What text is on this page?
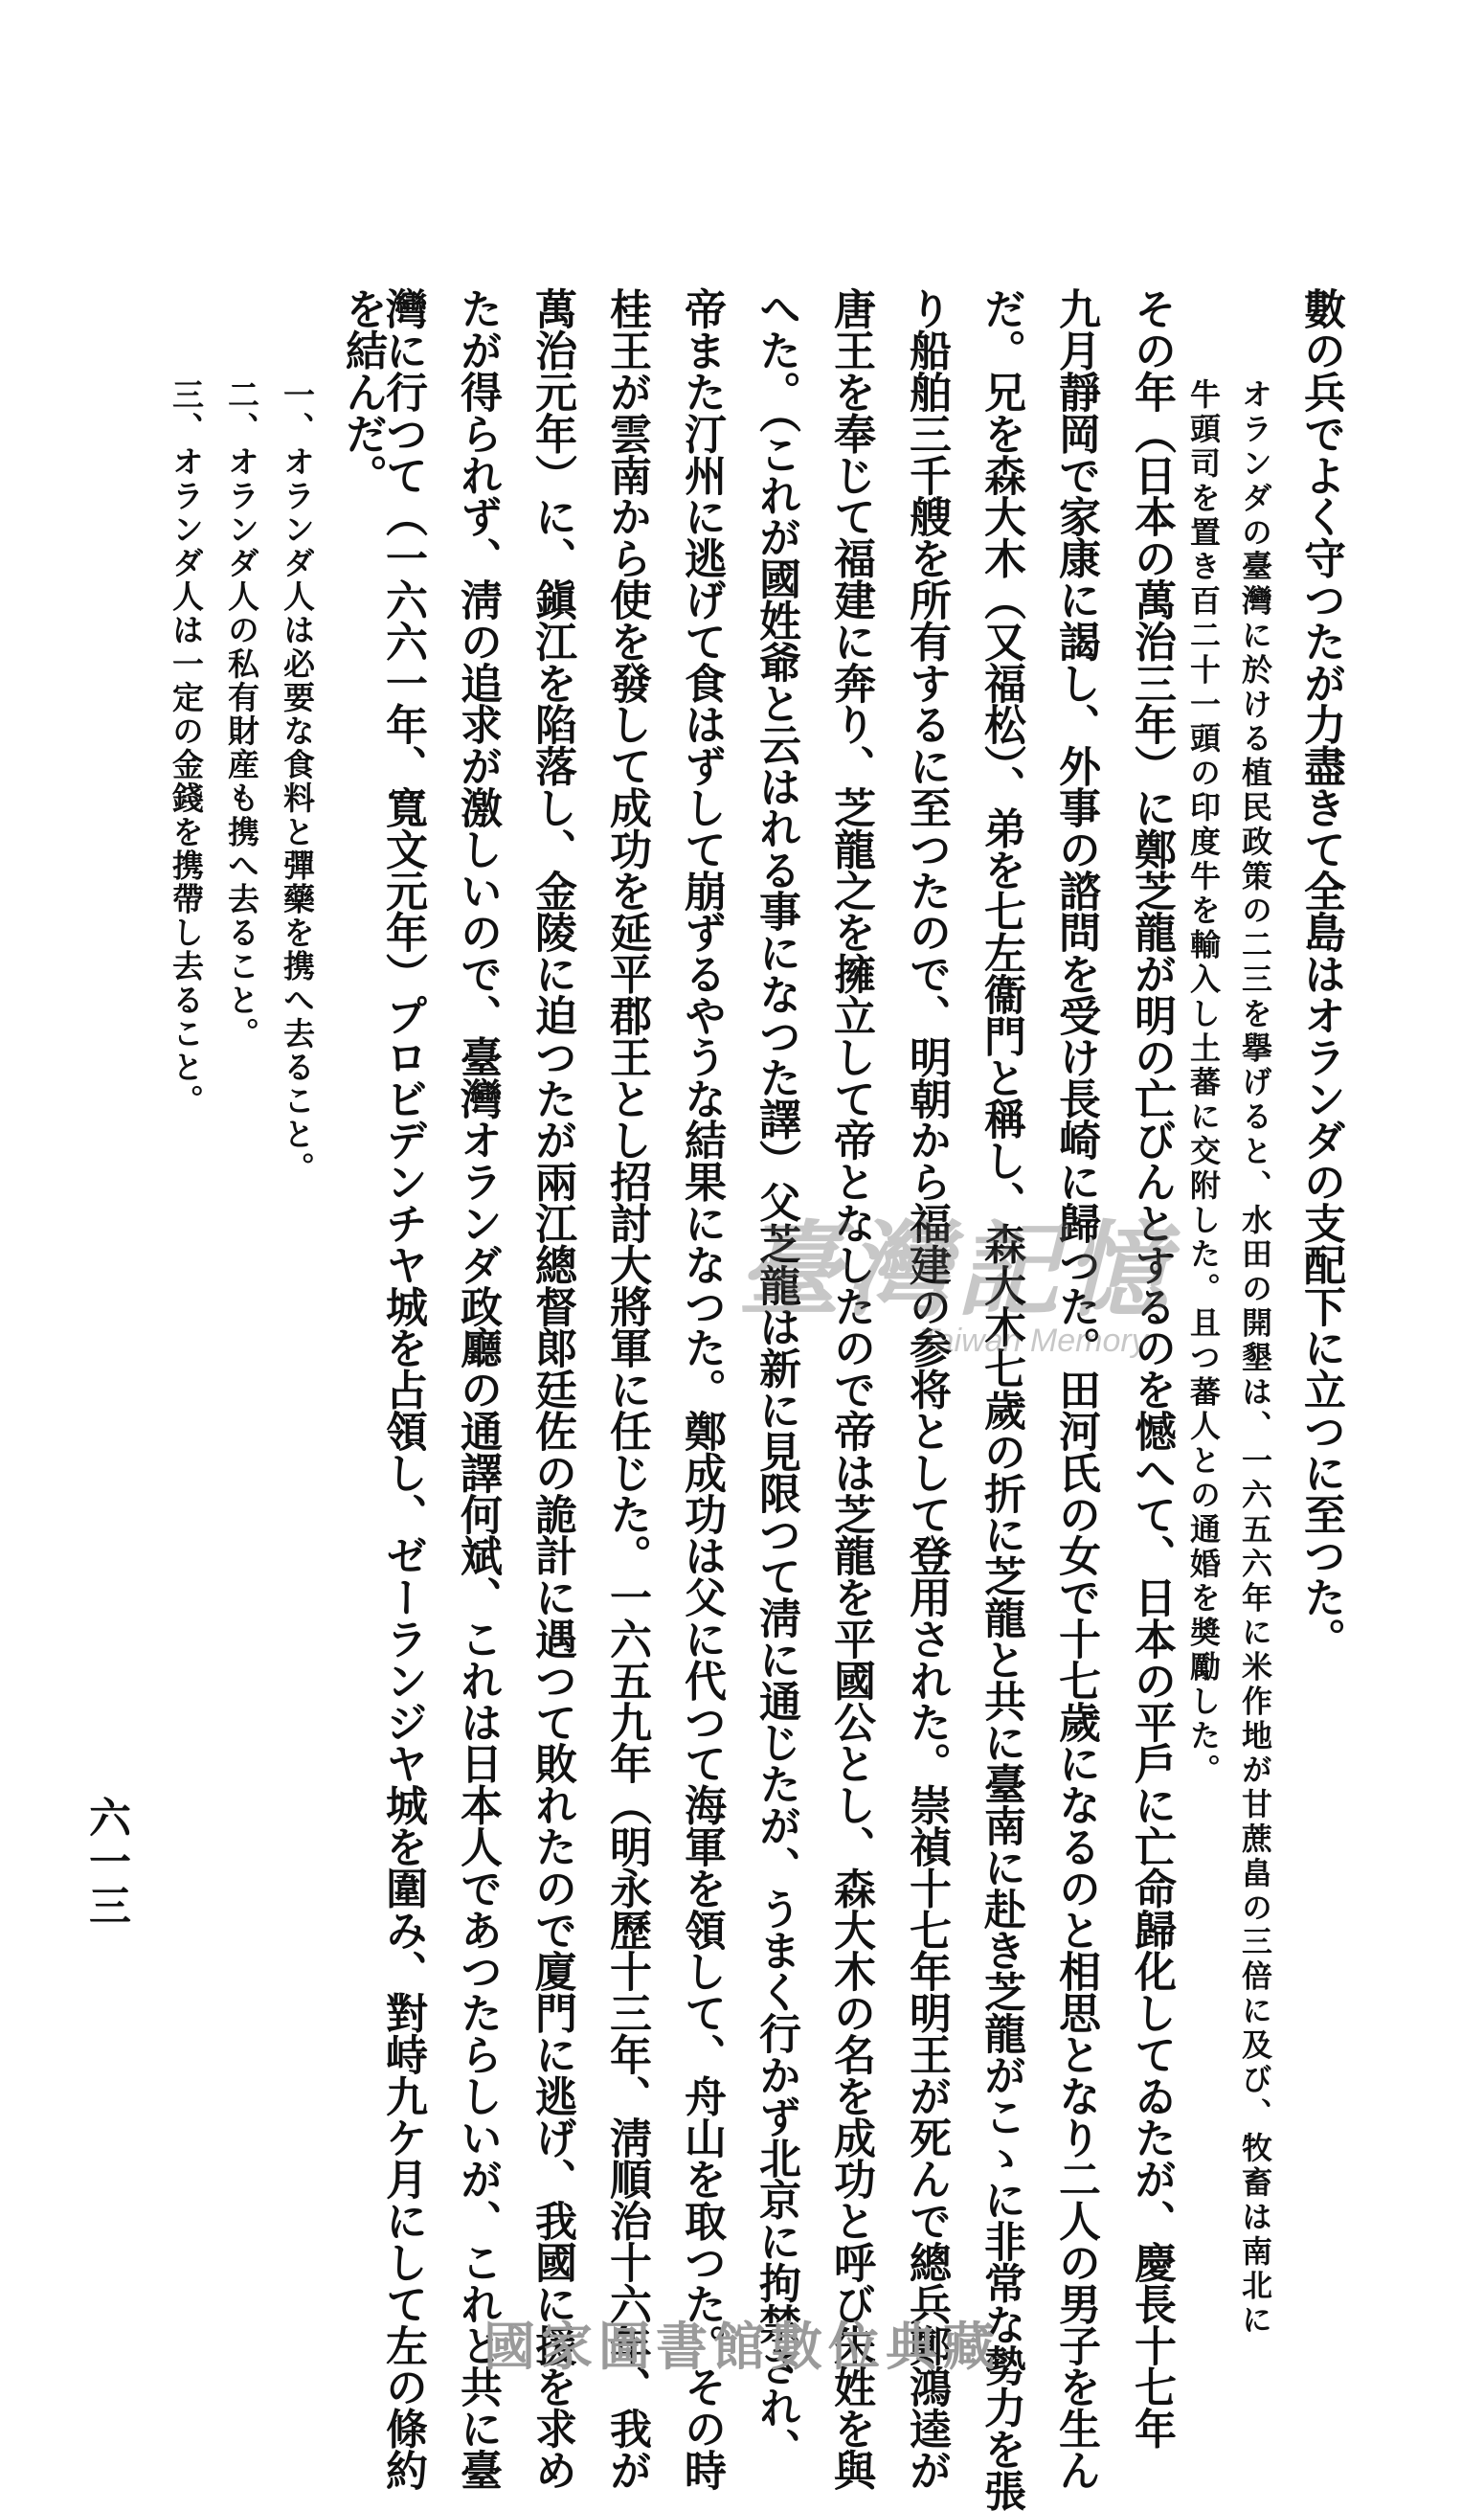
數の兵でよく守つたが力盡きて全島はオランダの支配下に立つに至つた。
オランダの臺灣に於ける植民政策の二三を擧げると、水田の開墾は、一六五六年に米作地が甘蔗畠の三倍に及び、牧畜は南北に
牛頭司を置き百二十一頭の印度牛を輸入し土蕃に交附した。且つ蕃人との通婚を奬勵した。
その年（日本の萬治三年）に鄭芝龍が明の亡びんとするのを憾へて、日本の平戶に亡命歸化してゐたが、慶長十七年
九月靜岡で家康に謁し、外事の諮問を受け長崎に歸つた。田河氏の女で十七歲になるのと相思となり二人の男子を生ん
だ。兄を森大木（又福松）、弟を七左衞門と稱し、森大木七歲の折に芝龍と共に臺南に赴き芝龍がこゝに非常な勢力を張
り船舶三千艘を所有するに至つたので、明朝から福建の参将として登用された。崇禎十七年明王が死んで總兵鄭鴻逵が
唐王を奉じて福建に奔り、芝龍之を擁立して帝となしたので帝は芝龍を平國公とし、森大木の名を成功と呼び朱姓を與
へた。（これが國姓爺と云はれる事になつた譯）父芝龍は新に見限つて淸に通じたが、うまく行かず北京に拘禁され、
帝また汀州に逃げて食はずして崩ずるやうな結果になつた。鄭成功は父に代つて海軍を領して、舟山を取つた。その時
桂王が雲南から使を發して成功を延平郡王とし招討大將軍に任じた。一六五九年（明永歷十三年、淸順治十六年、我が
萬治元年）に、鎭江を陷落し、金陵に迫つたが兩江總督郞廷佐の詭計に遇つて敗れたので廈門に逃げ、我國に援を求め
たが得られず、淸の追求が激しいので、臺灣オランダ政廳の通譯何斌、これは日本人であつたらしいが、これと共に臺
灣に行つて（一六六一年、寬文元年）プロビデンチヤ城を占領し、ゼーランジヤ城を圍み、對峙九ケ月にして左の條約
を結んだ。
一、オランダ人は必要な食料と彈藥を携へ去ること。
二、オランダ人の私有財産も携へ去ること。
三、オランダ人は一定の金錢を携帶し去ること。
六一三
臺灣記憶
Taiwan Memory
國家圖書館數位典藏
